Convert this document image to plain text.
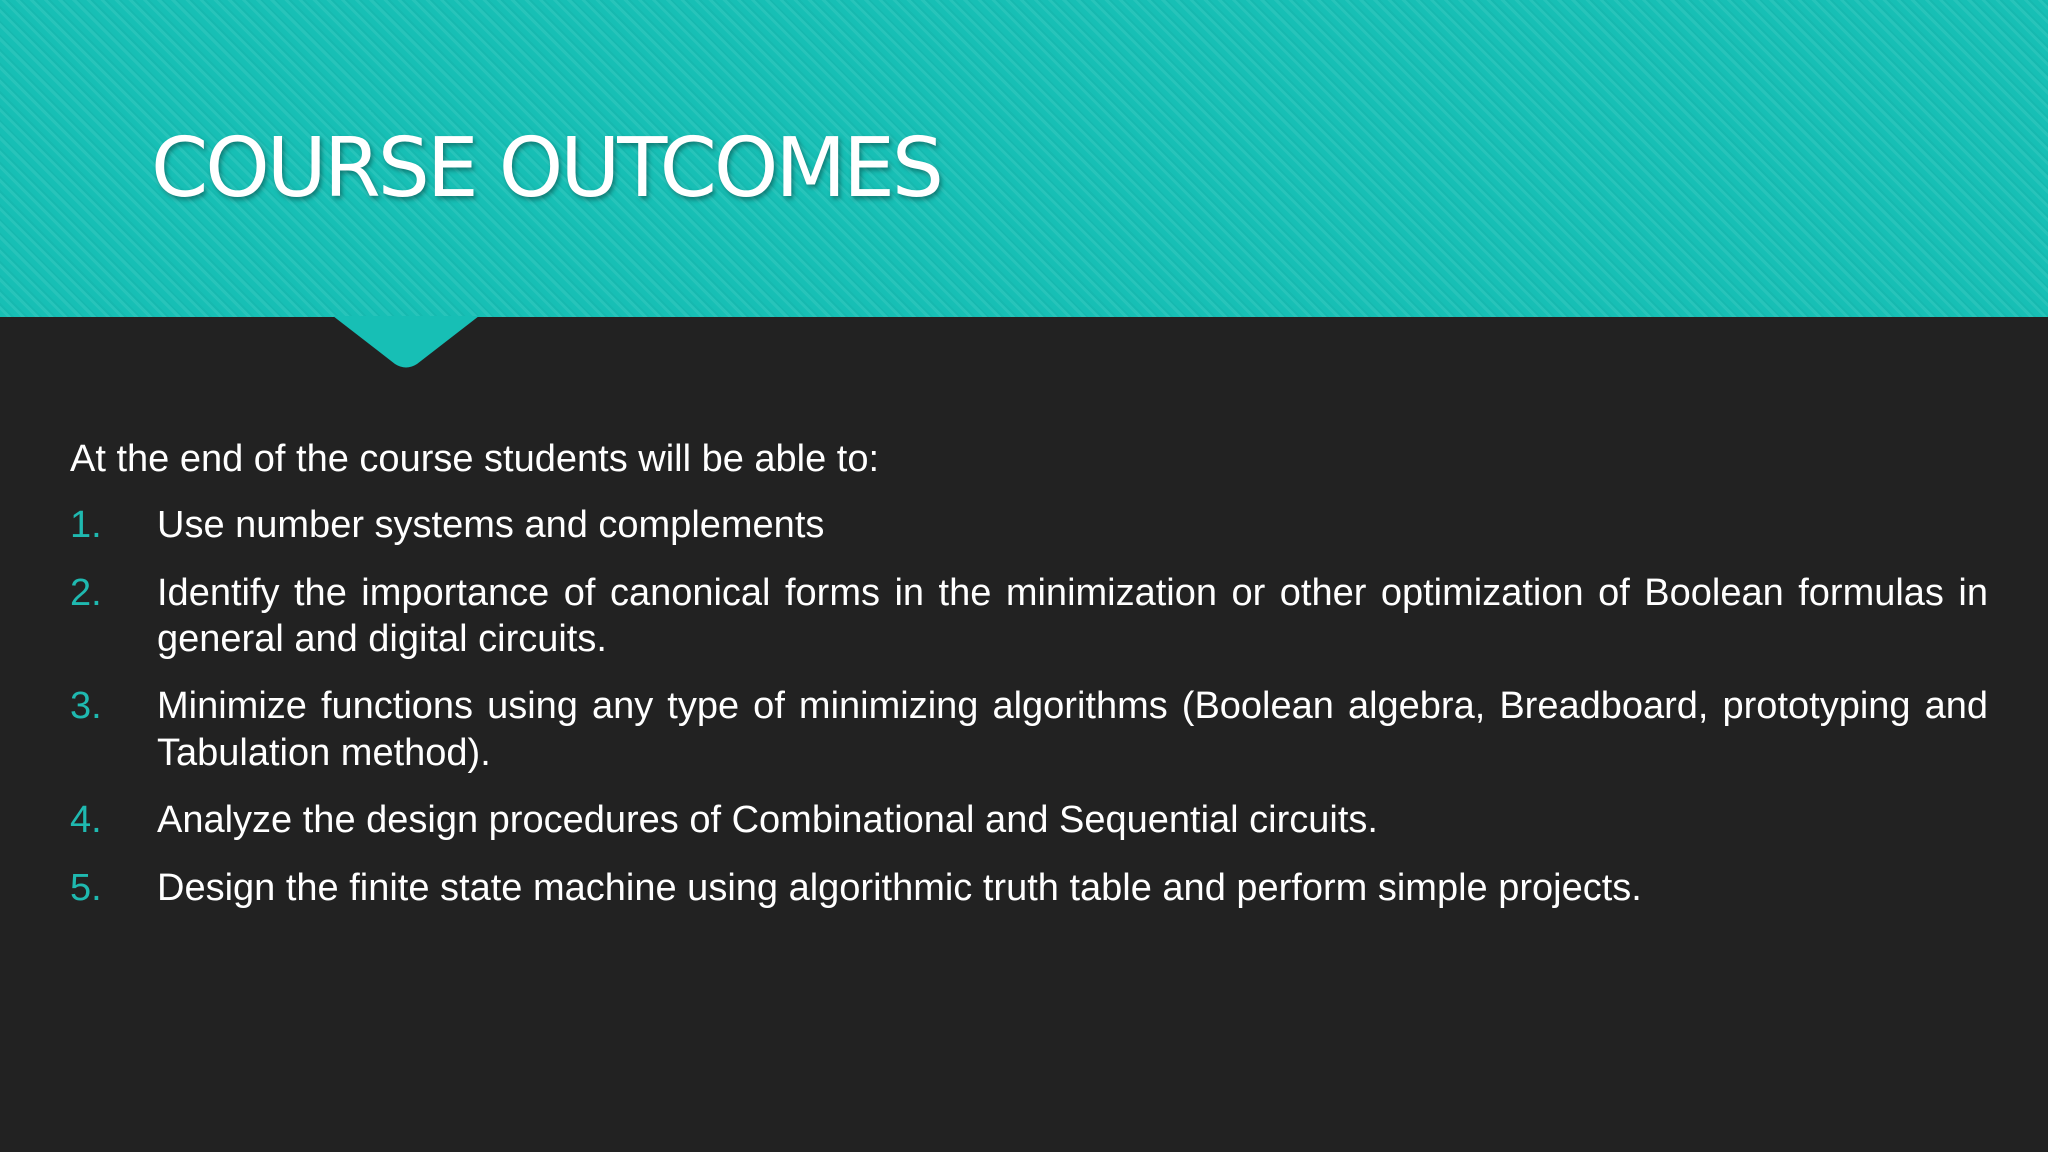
COURSE OUTCOMES

At the end of the course students will be able to:

1. Use number systems and complements
2. Identify the importance of canonical forms in the minimization or other optimization of Boolean formulas in general and digital circuits.
3. Minimize functions using any type of minimizing algorithms (Boolean algebra, Breadboard, prototyping and Tabulation method).
4. Analyze the design procedures of Combinational and Sequential circuits.
5. Design the finite state machine using algorithmic truth table and perform simple projects.
